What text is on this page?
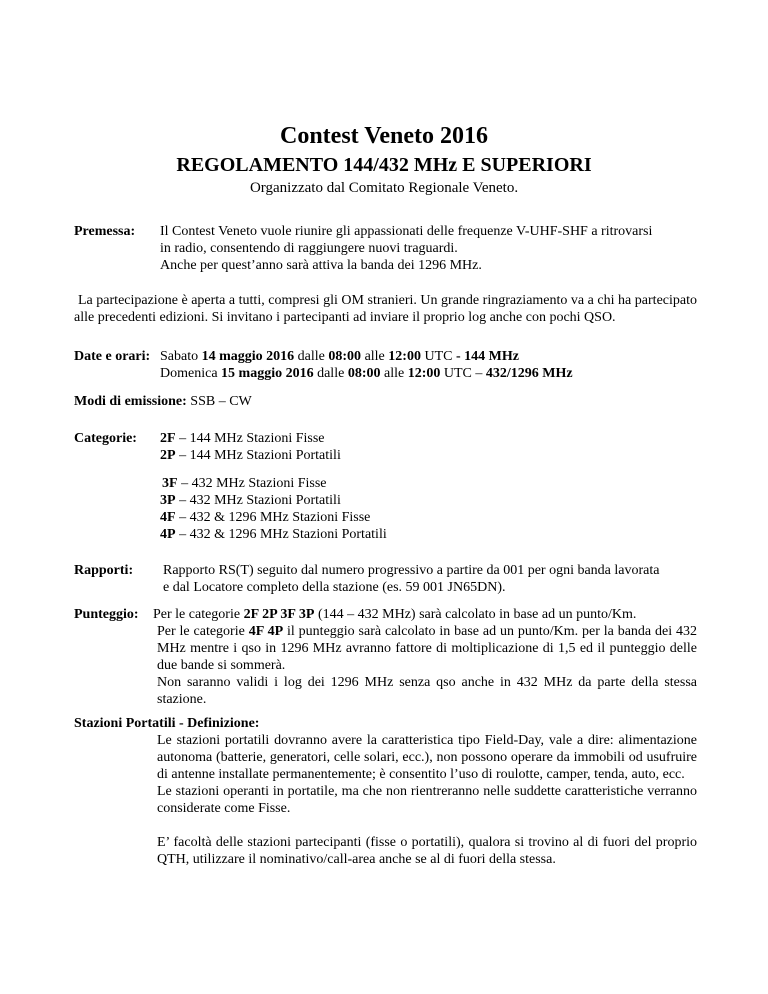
Contest Veneto 2016
REGOLAMENTO 144/432 MHz E SUPERIORI
Organizzato dal Comitato Regionale Veneto.
Premessa: Il Contest Veneto vuole riunire gli appassionati delle frequenze V-UHF-SHF a ritrovarsi
in radio, consentendo di raggiungere nuovi traguardi.
Anche per quest’anno sarà attiva la banda dei 1296 MHz.
La partecipazione è aperta a tutti, compresi gli OM stranieri. Un grande ringraziamento va a chi ha partecipato alle precedenti edizioni. Si invitano i partecipanti ad inviare il proprio log anche con pochi QSO.
Date e orari: Sabato 14 maggio 2016 dalle 08:00 alle 12:00 UTC - 144 MHz
Domenica 15 maggio 2016 dalle 08:00 alle 12:00 UTC – 432/1296 MHz
Modi di emissione: SSB – CW
Categorie: 2F – 144 MHz Stazioni Fisse
2P – 144 MHz Stazioni Portatili
3F – 432 MHz Stazioni Fisse
3P – 432 MHz Stazioni Portatili
4F – 432 & 1296 MHz Stazioni Fisse
4P – 432 & 1296 MHz Stazioni Portatili
Rapporti: Rapporto RS(T) seguito dal numero progressivo a partire da 001 per ogni banda lavorata
e dal Locatore completo della stazione (es. 59 001 JN65DN).
Punteggio: Per le categorie 2F 2P 3F 3P (144 – 432 MHz) sarà calcolato in base ad un punto/Km.
Per le categorie 4F 4P il punteggio sarà calcolato in base ad un punto/Km. per la banda dei 432 MHz mentre i qso in 1296 MHz avranno fattore di moltiplicazione di 1,5 ed il punteggio delle due bande si sommerà.
Non saranno validi i log dei 1296 MHz senza qso anche in 432 MHz da parte della stessa stazione.
Stazioni Portatili - Definizione:
Le stazioni portatili dovranno avere la caratteristica tipo Field-Day, vale a dire: alimentazione autonoma (batterie, generatori, celle solari, ecc.), non possono operare da immobili od usufruire di antenne installate permanentemente; è consentito l’uso di roulotte, camper, tenda, auto, ecc.
Le stazioni operanti in portatile, ma che non rientreranno nelle suddette caratteristiche verranno considerate come Fisse.
E’ facoltà delle stazioni partecipanti (fisse o portatili), qualora si trovino al di fuori del proprio QTH, utilizzare il nominativo/call-area anche se al di fuori della stessa.
